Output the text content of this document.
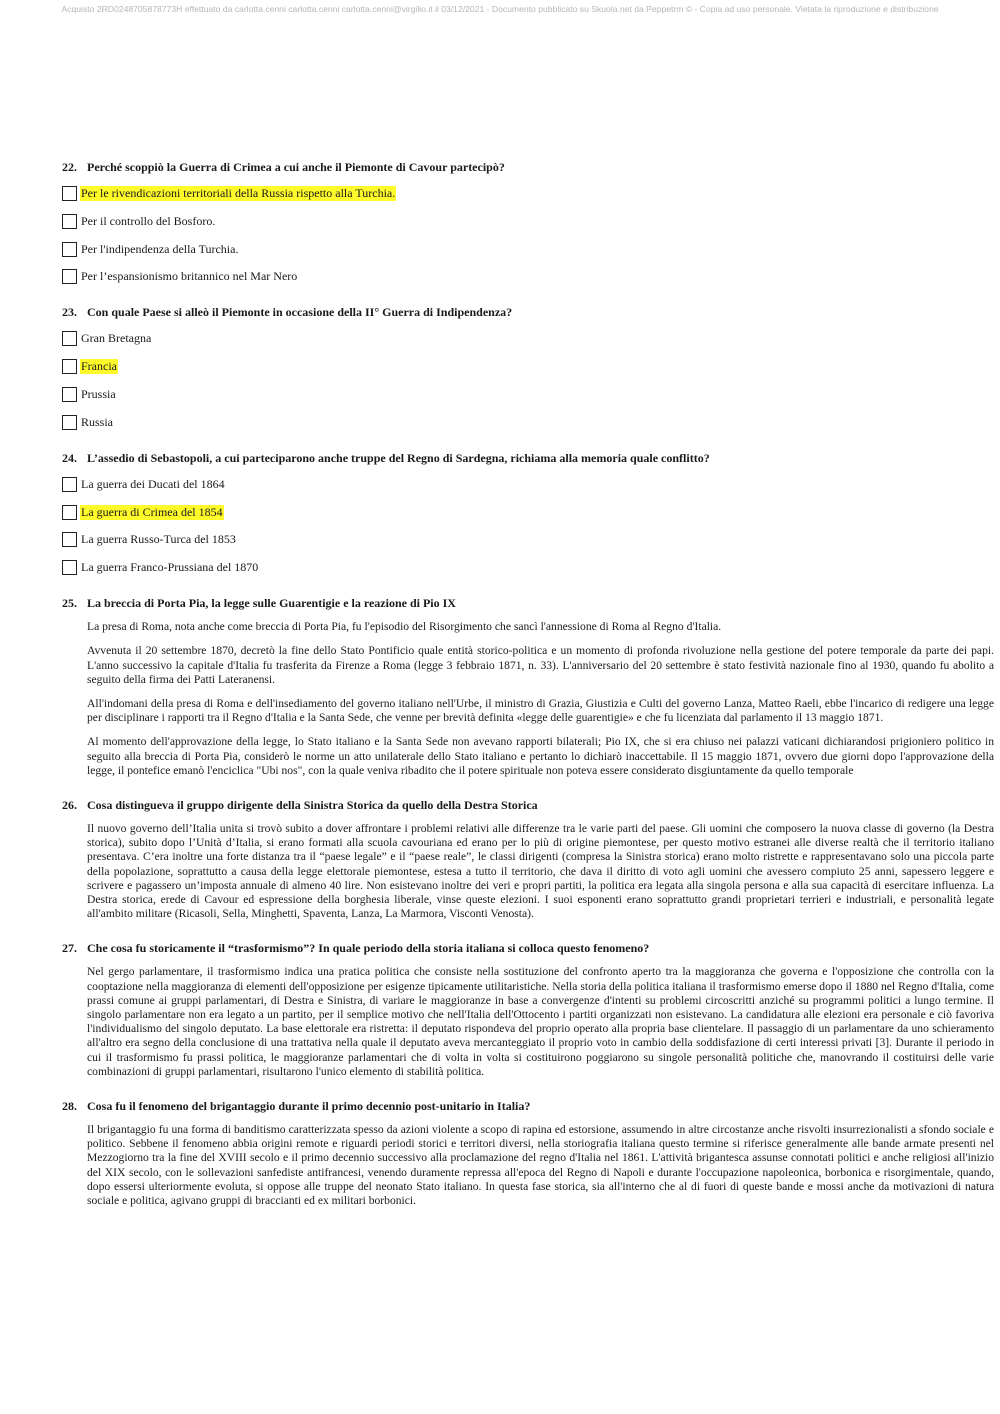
Acquisto 2RD0248705878773H effettuato da carlotta.cenni carlotta.cenni carlotta.cenni@virgilio.it il 03/12/2021 - Documento pubblicato su Skuola.net da Peppetrm © - Copia ad uso personale. Vietata la riproduzione e distribuzione
22. Perché scoppiò la Guerra di Crimea a cui anche il Piemonte di Cavour partecipò?
Per le rivendicazioni territoriali della Russia rispetto alla Turchia.
Per il controllo del Bosforo.
Per l'indipendenza della Turchia.
Per l’espansionismo britannico nel Mar Nero
23. Con quale Paese si alleò il Piemonte in occasione della II° Guerra di Indipendenza?
Gran Bretagna
Francia
Prussia
Russia
24. L’assedio di Sebastopoli, a cui parteciparono anche truppe del Regno di Sardegna, richiama alla memoria quale conflitto?
La guerra dei Ducati del 1864
La guerra di Crimea del 1854
La guerra Russo-Turca del 1853
La guerra Franco-Prussiana del 1870
25. La breccia di Porta Pia, la legge sulle Guarentigie e la reazione di Pio IX

La presa di Roma, nota anche come breccia di Porta Pia, fu l'episodio del Risorgimento che sancì l'annessione di Roma al Regno d'Italia.

Avvenuta il 20 settembre 1870, decretò la fine dello Stato Pontificio quale entità storico-politica e un momento di profonda rivoluzione nella gestione del potere temporale da parte dei papi. L'anno successivo la capitale d'Italia fu trasferita da Firenze a Roma (legge 3 febbraio 1871, n. 33). L'anniversario del 20 settembre è stato festività nazionale fino al 1930, quando fu abolito a seguito della firma dei Patti Lateranensi.

All'indomani della presa di Roma e dell'insediamento del governo italiano nell'Urbe, il ministro di Grazia, Giustizia e Culti del governo Lanza, Matteo Raeli, ebbe l'incarico di redigere una legge per disciplinare i rapporti tra il Regno d'Italia e la Santa Sede, che venne per brevità definita «legge delle guarentigie» e che fu licenziata dal parlamento il 13 maggio 1871.

Al momento dell'approvazione della legge, lo Stato italiano e la Santa Sede non avevano rapporti bilaterali; Pio IX, che si era chiuso nei palazzi vaticani dichiarandosi prigioniero politico in seguito alla breccia di Porta Pia, considerò le norme un atto unilaterale dello Stato italiano e pertanto lo dichiarò inaccettabile. Il 15 maggio 1871, ovvero due giorni dopo l'approvazione della legge, il pontefice emanò l'enciclica "Ubi nos", con la quale veniva ribadito che il potere spirituale non poteva essere considerato disgiuntamente da quello temporale

26. Cosa distingueva il gruppo dirigente della Sinistra Storica da quello della Destra Storica

Il nuovo governo dell’Italia unita si trovò subito a dover affrontare i problemi relativi alle differenze tra le varie parti del paese. Gli uomini che composero la nuova classe di governo (la Destra storica), subito dopo l’Unità d’Italia, si erano formati alla scuola cavouriana ed erano per lo più di origine piemontese, per questo motivo estranei alle diverse realtà che il territorio italiano presentava. C’era inoltre una forte distanza tra il “paese legale” e il “paese reale”, le classi dirigenti (compresa la Sinistra storica) erano molto ristrette e rappresentavano solo una piccola parte della popolazione, soprattutto a causa della legge elettorale piemontese, estesa a tutto il territorio, che dava il diritto di voto agli uomini che avessero compiuto 25 anni, sapessero leggere e scrivere e pagassero un’imposta annuale di almeno 40 lire. Non esistevano inoltre dei veri e propri partiti, la politica era legata alla singola persona e alla sua capacità di esercitare influenza. La Destra storica, erede di Cavour ed espressione della borghesia liberale, vinse queste elezioni. I suoi esponenti erano soprattutto grandi proprietari terrieri e industriali, e personalità legate all'ambito militare (Ricasoli, Sella, Minghetti, Spaventa, Lanza, La Marmora, Visconti Venosta).

27. Che cosa fu storicamente il “trasformismo”? In quale periodo della storia italiana si colloca questo fenomeno?

Nel gergo parlamentare, il trasformismo indica una pratica politica che consiste nella sostituzione del confronto aperto tra la maggioranza che governa e l'opposizione che controlla con la cooptazione nella maggioranza di elementi dell'opposizione per esigenze tipicamente utilitaristiche. Nella storia della politica italiana il trasformismo emerse dopo il 1880 nel Regno d'Italia, come prassi comune ai gruppi parlamentari, di Destra e Sinistra, di variare le maggioranze in base a convergenze d'intenti su problemi circoscritti anziché su programmi politici a lungo termine. Il singolo parlamentare non era legato a un partito, per il semplice motivo che nell'Italia dell'Ottocento i partiti organizzati non esistevano. La candidatura alle elezioni era personale e ciò favoriva l'individualismo del singolo deputato. La base elettorale era ristretta: il deputato rispondeva del proprio operato alla propria base clientelare. Il passaggio di un parlamentare da uno schieramento all'altro era segno della conclusione di una trattativa nella quale il deputato aveva mercanteggiato il proprio voto in cambio della soddisfazione di certi interessi privati [3]. Durante il periodo in cui il trasformismo fu prassi politica, le maggioranze parlamentari che di volta in volta si costituirono poggiarono su singole personalità politiche che, manovrando il costituirsi delle varie combinazioni di gruppi parlamentari, risultarono l'unico elemento di stabilità politica.

28. Cosa fu il fenomeno del brigantaggio durante il primo decennio post-unitario in Italia?

Il brigantaggio fu una forma di banditismo caratterizzata spesso da azioni violente a scopo di rapina ed estorsione, assumendo in altre circostanze anche risvolti insurrezionalisti a sfondo sociale e politico. Sebbene il fenomeno abbia origini remote e riguardi periodi storici e territori diversi, nella storiografia italiana questo termine si riferisce generalmente alle bande armate presenti nel Mezzogiorno tra la fine del XVIII secolo e il primo decennio successivo alla proclamazione del regno d'Italia nel 1861. L'attività brigantesca assunse connotati politici e anche religiosi all'inizio del XIX secolo, con le sollevazioni sanfediste antifrancesi, venendo duramente repressa all'epoca del Regno di Napoli e durante l'occupazione napoleonica, borbonica e risorgimentale, quando, dopo essersi ulteriormente evoluta, si oppose alle truppe del neonato Stato italiano. In questa fase storica, sia all'interno che al di fuori di queste bande e mossi anche da motivazioni di natura sociale e politica, agivano gruppi di braccianti ed ex militari borbonici.
